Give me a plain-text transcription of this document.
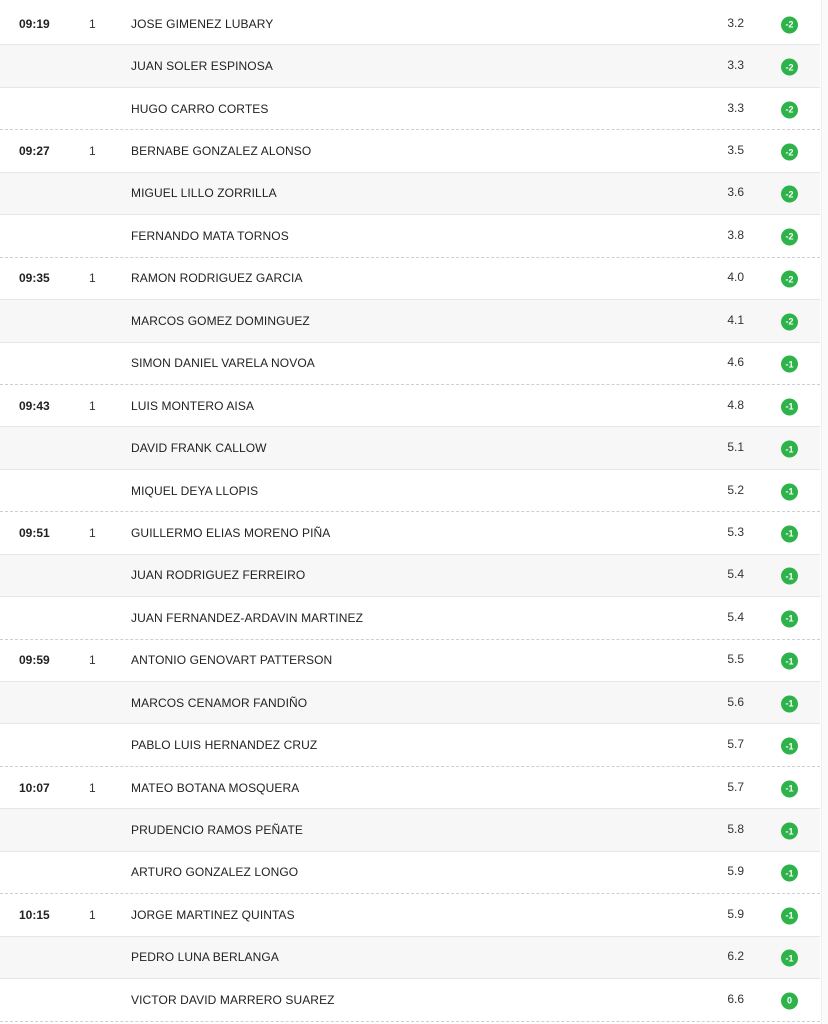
09:19	1	JOSE GIMENEZ LUBARY	3.2	-2
JUAN SOLER ESPINOSA	3.3	-2
HUGO CARRO CORTES	3.3	-2
09:27	1	BERNABE GONZALEZ ALONSO	3.5	-2
MIGUEL LILLO ZORRILLA	3.6	-2
FERNANDO MATA TORNOS	3.8	-2
09:35	1	RAMON RODRIGUEZ GARCIA	4.0	-2
MARCOS GOMEZ DOMINGUEZ	4.1	-2
SIMON DANIEL VARELA NOVOA	4.6	-1
09:43	1	LUIS MONTERO AISA	4.8	-1
DAVID FRANK CALLOW	5.1	-1
MIQUEL DEYA LLOPIS	5.2	-1
09:51	1	GUILLERMO ELIAS MORENO PIÑA	5.3	-1
JUAN RODRIGUEZ FERREIRO	5.4	-1
JUAN FERNANDEZ-ARDAVIN MARTINEZ	5.4	-1
09:59	1	ANTONIO GENOVART PATTERSON	5.5	-1
MARCOS CENAMOR FANDIÑO	5.6	-1
PABLO LUIS HERNANDEZ CRUZ	5.7	-1
10:07	1	MATEO BOTANA MOSQUERA	5.7	-1
PRUDENCIO RAMOS PEÑATE	5.8	-1
ARTURO GONZALEZ LONGO	5.9	-1
10:15	1	JORGE MARTINEZ QUINTAS	5.9	-1
PEDRO LUNA BERLANGA	6.2	-1
VICTOR DAVID MARRERO SUAREZ	6.6	0
